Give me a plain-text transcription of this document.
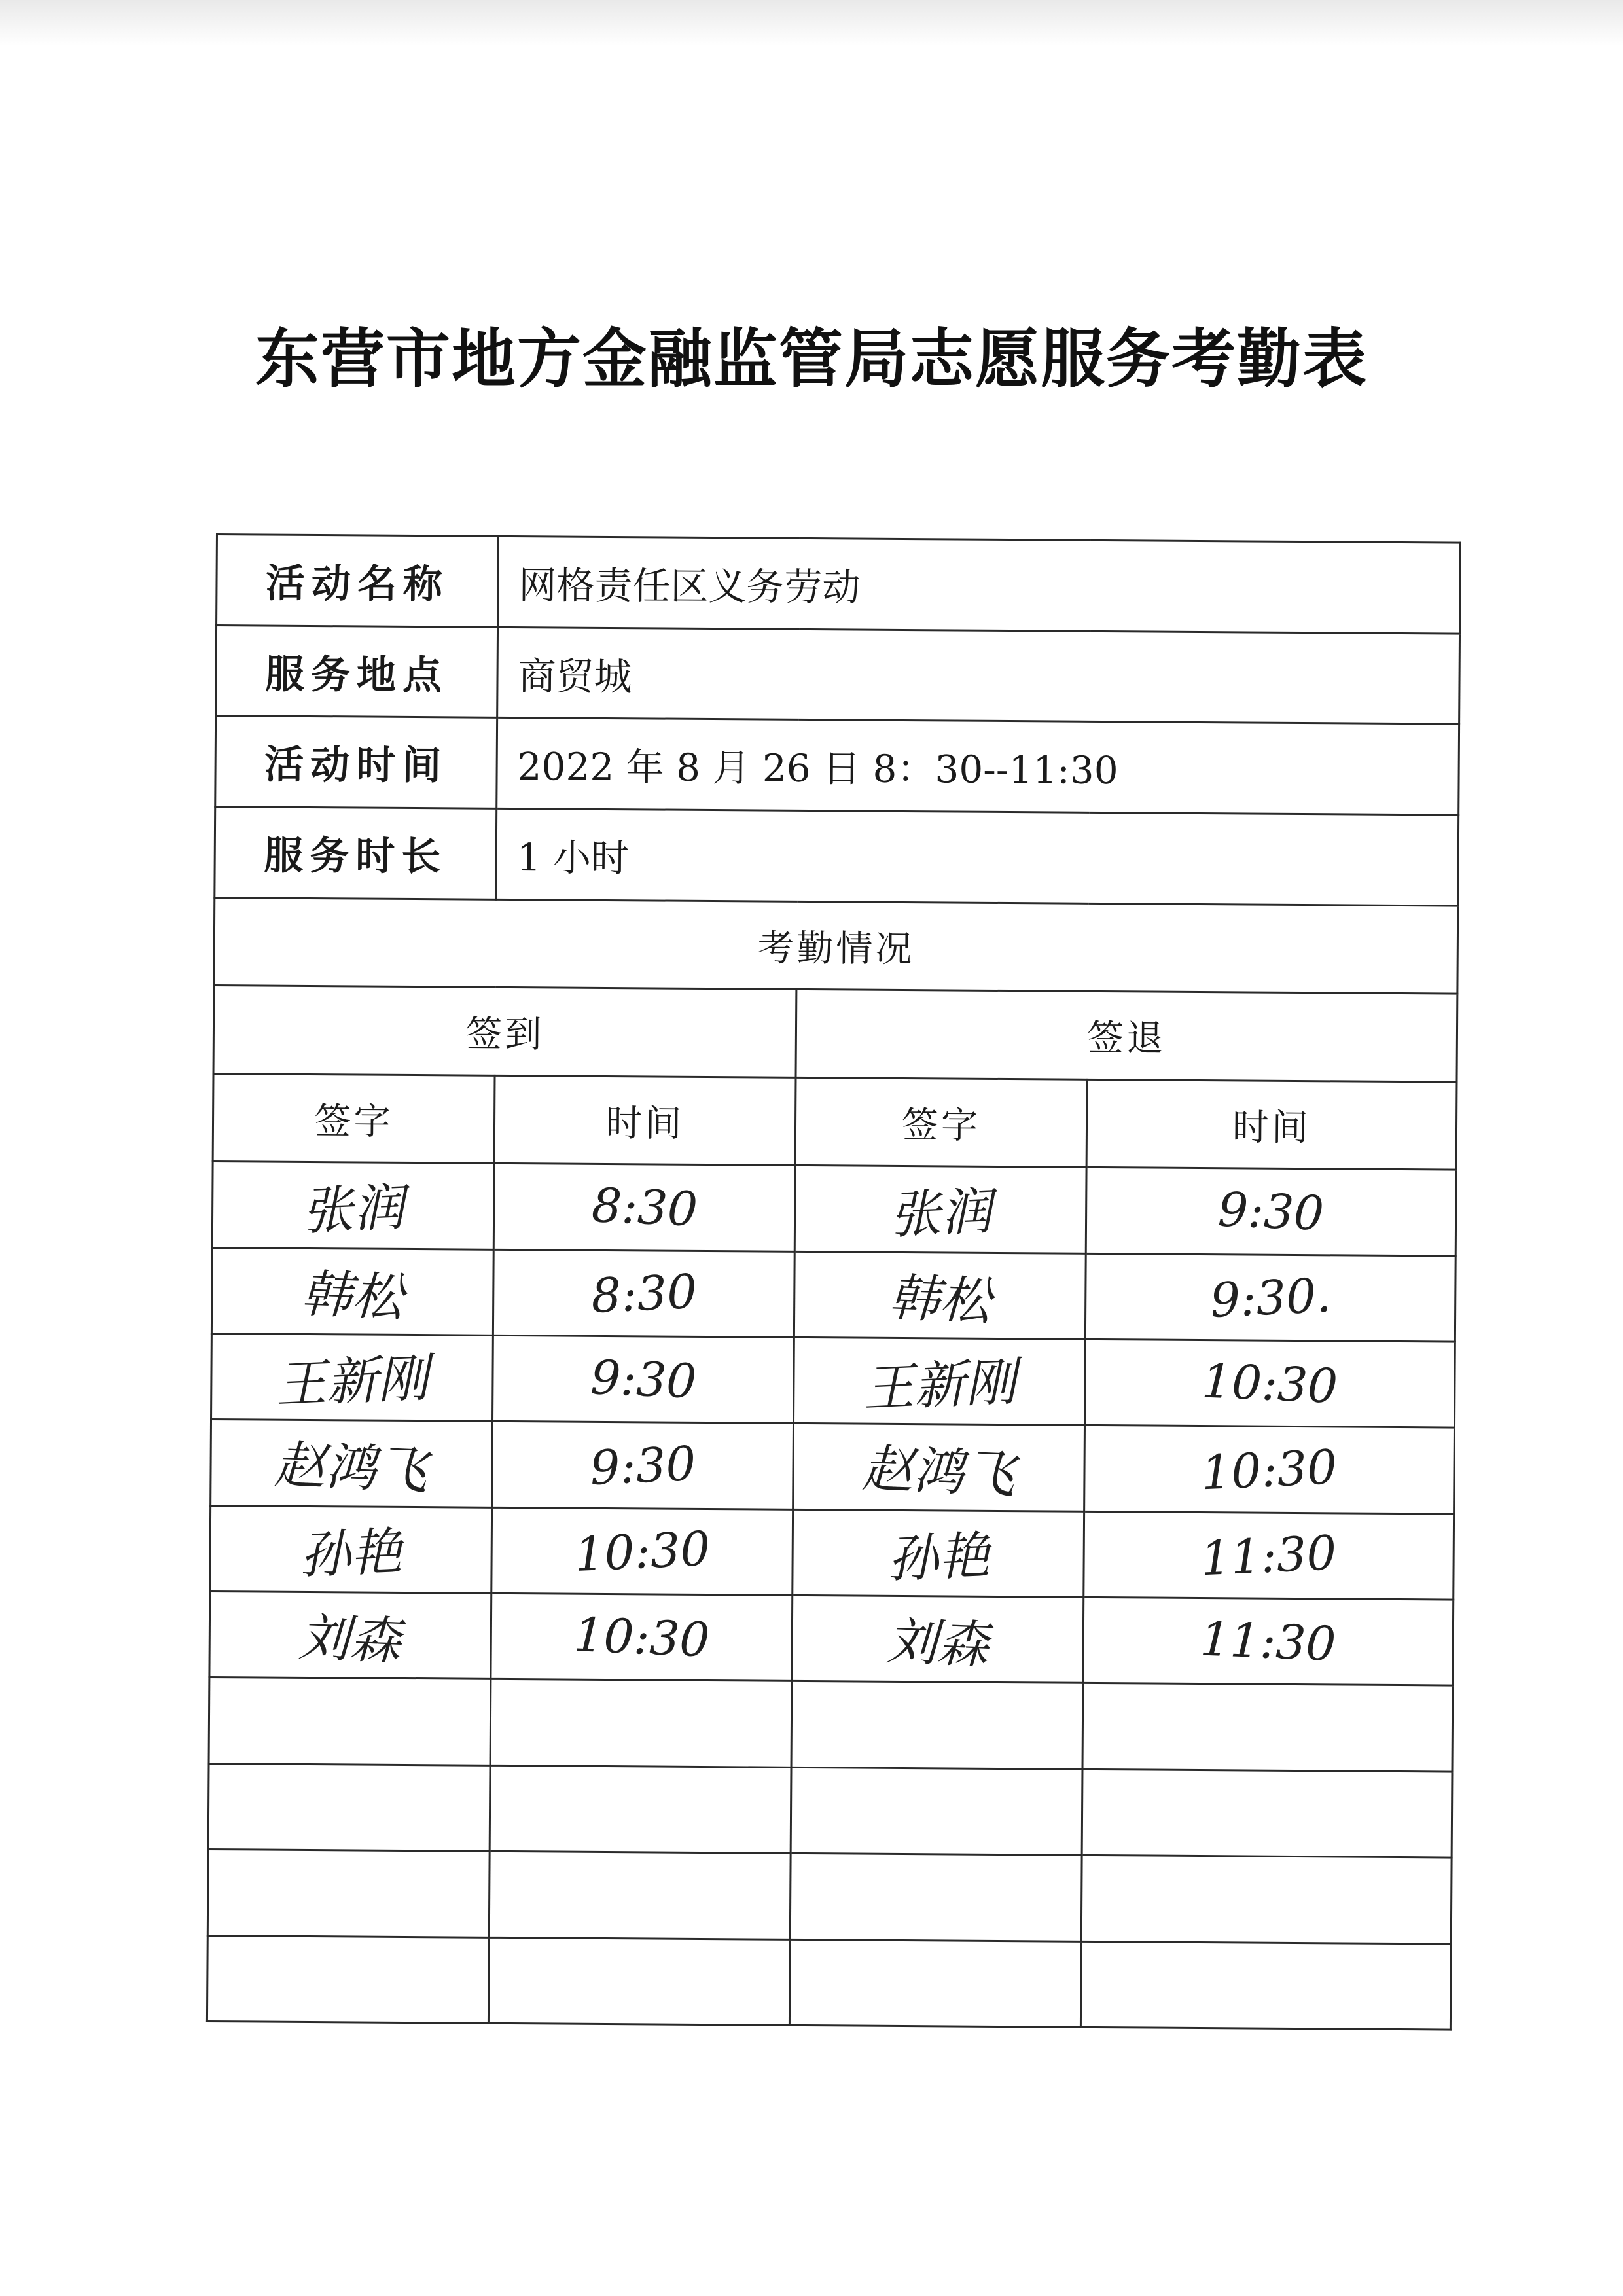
东营市地方金融监管局志愿服务考勤表
活动名称	网格责任区义务劳动		
服务地点	商贸城		
活动时间	2022 年 8 月 26 日 8：30--11:30		
服务时长	1 小时		
考勤情况			
签到		签退	
签字	时间	签字	时间
张润	8:30	张润	9:30
韩松	8:30	韩松	9:30.
王新刚	9:30	王新刚	10:30
赵鸿飞	9:30	赵鸿飞	10:30
孙艳	10:30	孙艳	11:30
刘森	10:30	刘森	11:30
